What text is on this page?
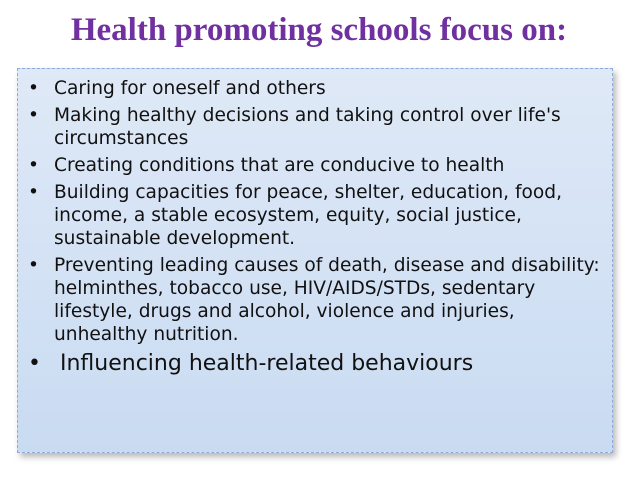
Health promoting schools focus on:
• Caring for oneself and others
• Making healthy decisions and taking control over life's circumstances
• Creating conditions that are conducive to health
• Building capacities for peace, shelter, education, food, income, a stable ecosystem, equity, social justice, sustainable development.
• Preventing leading causes of death, disease and disability: helminthes, tobacco use, HIV/AIDS/STDs, sedentary lifestyle, drugs and alcohol, violence and injuries, unhealthy nutrition.
• Influencing health-related behaviours
